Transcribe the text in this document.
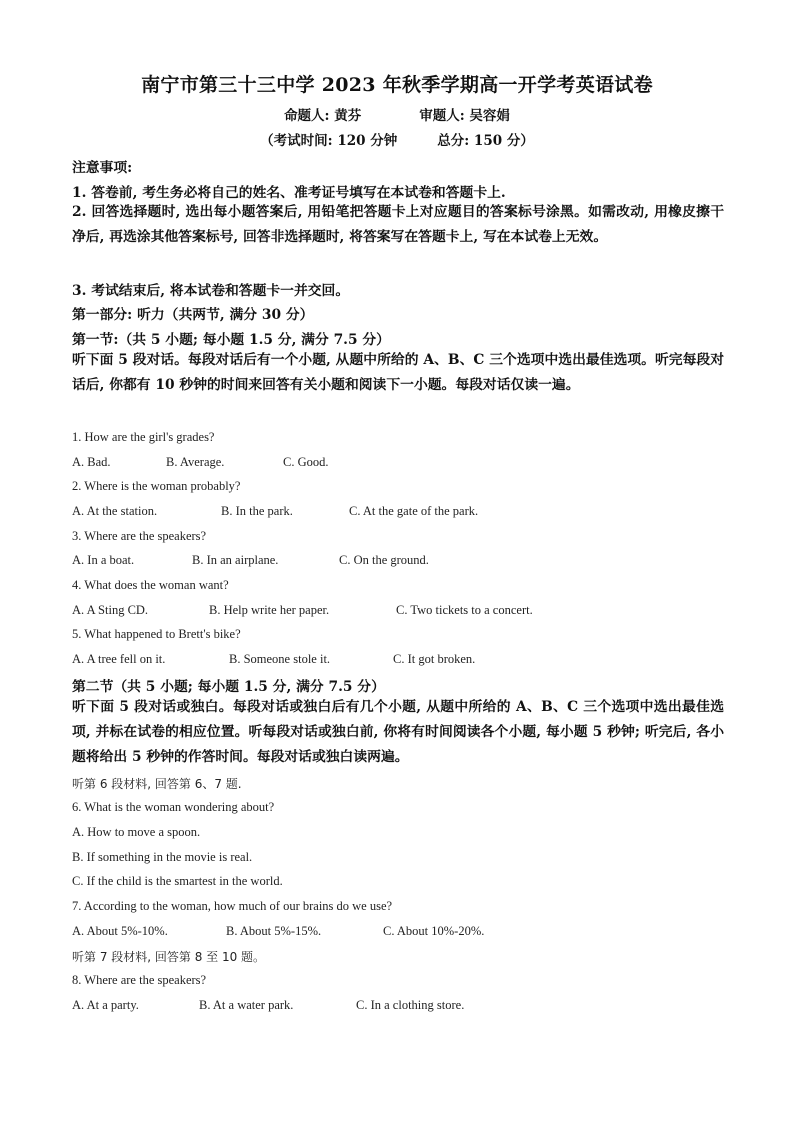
南宁市第三十三中学 2023 年秋季学期高一开学考英语试卷
命题人: 黄芬	审题人: 吴容娟
（考试时间: 120 分钟	总分: 150 分）
注意事项:
1. 答卷前, 考生务必将自己的姓名、准考证号填写在本试卷和答题卡上.
2. 回答选择题时, 选出每小题答案后, 用铅笔把答题卡上对应题目的答案标号涂黑。如需改动, 用橡皮擦干净后, 再选涂其他答案标号, 回答非选择题时, 将答案写在答题卡上, 写在本试卷上无效。
3. 考试结束后, 将本试卷和答题卡一并交回。
第一部分: 听力（共两节, 满分 30 分）
第一节:（共 5 小题; 每小题 1.5 分, 满分 7.5 分）
听下面 5 段对话。每段对话后有一个小题, 从题中所给的 A、B、C 三个选项中选出最佳选项。听完每段对话后, 你都有 10 秒钟的时间来回答有关小题和阅读下一小题。每段对话仅读一遍。
1. How are the girl's grades?
A. Bad.	B. Average.	C. Good.
2. Where is the woman probably?
A. At the station.	B. In the park.	C. At the gate of the park.
3. Where are the speakers?
A. In a boat.	B. In an airplane.	C. On the ground.
4. What does the woman want?
A. A Sting CD.	B. Help write her paper.	C. Two tickets to a concert.
5. What happened to Brett's bike?
A. A tree fell on it.	B. Someone stole it.	C. It got broken.
第二节（共 5 小题; 每小题 1.5 分, 满分 7.5 分）
听下面 5 段对话或独白。每段对话或独白后有几个小题, 从题中所给的 A、B、C 三个选项中选出最佳选项, 并标在试卷的相应位置。听每段对话或独白前, 你将有时间阅读各个小题, 每小题 5 秒钟; 听完后, 各小题将给出 5 秒钟的作答时间。每段对话或独白读两遍。
听第 6 段材料, 回答第 6、7 题.
6. What is the woman wondering about?
A. How to move a spoon.
B. If something in the movie is real.
C. If the child is the smartest in the world.
7. According to the woman, how much of our brains do we use?
A. About 5%-10%.	B. About 5%-15%.	C. About 10%-20%.
听第 7 段材料, 回答第 8 至 10 题。
8. Where are the speakers?
A. At a party.	B. At a water park.	C. In a clothing store.
